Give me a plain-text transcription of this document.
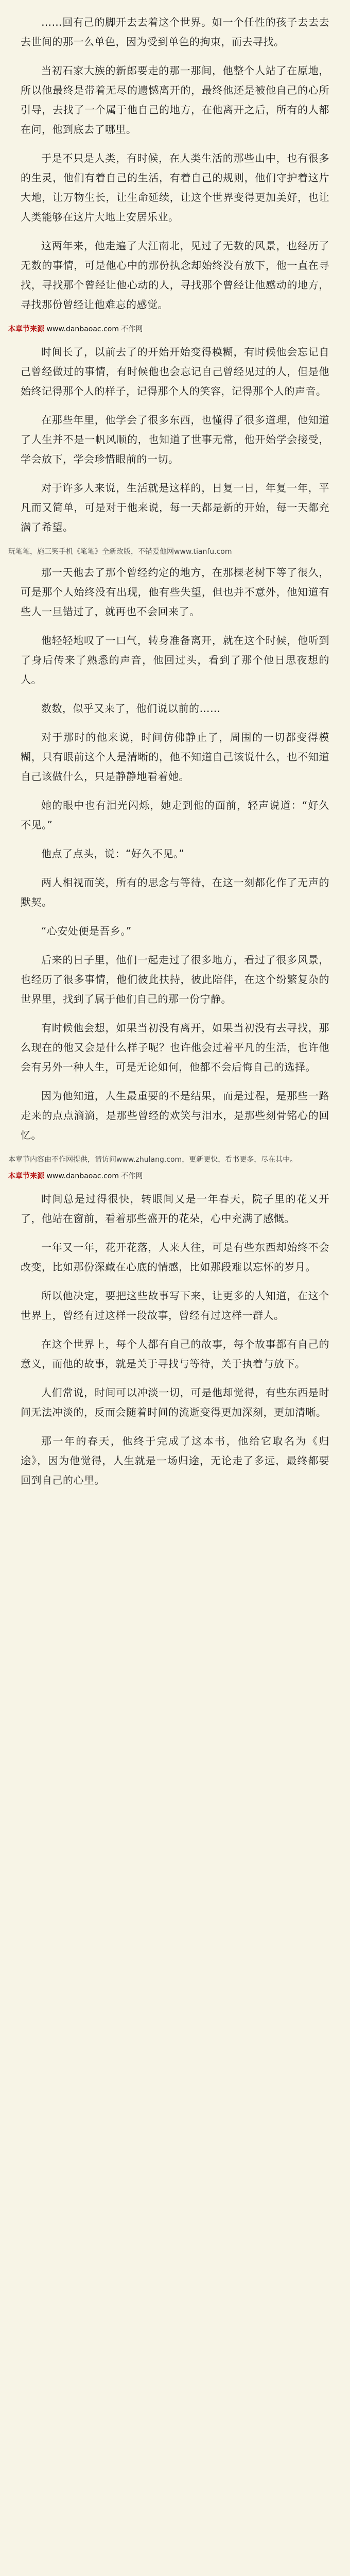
……回有己的脚开去去着这个世界。如一个任性的孩子去去去去世间的那一么单色，因为受到单色的拘束，而去寻找。

当初石家大族的新郎要走的那一那间，他整个人站了在原地，所以他最终是带着无尽的遗憾离开的，最终他还是被他自己的心所引导，去找了一个属于他自己的地方，在他离开之后，所有的人都在问，他到底去了哪里。

于是不只是人类，有时候，在人类生活的那些山中，也有很多的生灵，他们有着自己的生活，有着自己的规则，他们守护着这片大地，让万物生长，让生命延续，让这个世界变得更加美好，也让人类能够在这片大地上安居乐业。

这两年来，他走遍了大江南北，见过了无数的风景，也经历了无数的事情，可是他心中的那份执念却始终没有放下，他一直在寻找，寻找那个曾经让他心动的人，寻找那个曾经让他感动的地方，寻找那份曾经让他难忘的感觉。

本章节来源 www.danbaoac.com 不作网

时间长了，以前去了的开始开始变得模糊，有时候他会忘记自己曾经做过的事情，有时候他也会忘记自己曾经见过的人，但是他始终记得那个人的样子，记得那个人的笑容，记得那个人的声音。

在那些年里，他学会了很多东西，也懂得了很多道理，他知道了人生并不是一帆风顺的，也知道了世事无常，他开始学会接受，学会放下，学会珍惜眼前的一切。

对于许多人来说，生活就是这样的，日复一日，年复一年，平凡而又简单，可是对于他来说，每一天都是新的开始，每一天都充满了希望。

玩笔笔，施三笑手机《笔笔》全新改版，不错爱他网www.tianfu.com

那一天他去了那个曾经约定的地方，在那棵老树下等了很久，可是那个人始终没有出现，他有些失望，但也并不意外，他知道有些人一旦错过了，就再也不会回来了。

他轻轻地叹了一口气，转身准备离开，就在这个时候，他听到了身后传来了熟悉的声音，他回过头，看到了那个他日思夜想的人。

数数，似乎又来了，他们说以前的……

对于那时的他来说，时间仿佛静止了，周围的一切都变得模糊，只有眼前这个人是清晰的，他不知道自己该说什么，也不知道自己该做什么，只是静静地看着她。

她的眼中也有泪光闪烁，她走到他的面前，轻声说道：“好久不见。”

他点了点头，说：“好久不见。”

两人相视而笑，所有的思念与等待，在这一刻都化作了无声的默契。

“心安处便是吾乡。”

后来的日子里，他们一起走过了很多地方，看过了很多风景，也经历了很多事情，他们彼此扶持，彼此陪伴，在这个纷繁复杂的世界里，找到了属于他们自己的那一份宁静。

有时候他会想，如果当初没有离开，如果当初没有去寻找，那么现在的他又会是什么样子呢？也许他会过着平凡的生活，也许他会有另外一种人生，可是无论如何，他都不会后悔自己的选择。

因为他知道，人生最重要的不是结果，而是过程，是那些一路走来的点点滴滴，是那些曾经的欢笑与泪水，是那些刻骨铭心的回忆。

本章节内容由不作网提供，请访问www.zhulang.com，更新更快，看书更多，尽在其中。
本章节来源 www.danbaoac.com 不作网

时间总是过得很快，转眼间又是一年春天，院子里的花又开了，他站在窗前，看着那些盛开的花朵，心中充满了感慨。

一年又一年，花开花落，人来人往，可是有些东西却始终不会改变，比如那份深藏在心底的情感，比如那段难以忘怀的岁月。

所以他决定，要把这些故事写下来，让更多的人知道，在这个世界上，曾经有过这样一段故事，曾经有过这样一群人。

在这个世界上，每个人都有自己的故事，每个故事都有自己的意义，而他的故事，就是关于寻找与等待，关于执着与放下。

人们常说，时间可以冲淡一切，可是他却觉得，有些东西是时间无法冲淡的，反而会随着时间的流逝变得更加深刻，更加清晰。

那一年的春天，他终于完成了这本书，他给它取名为《归途》，因为他觉得，人生就是一场归途，无论走了多远，最终都要回到自己的心里。
